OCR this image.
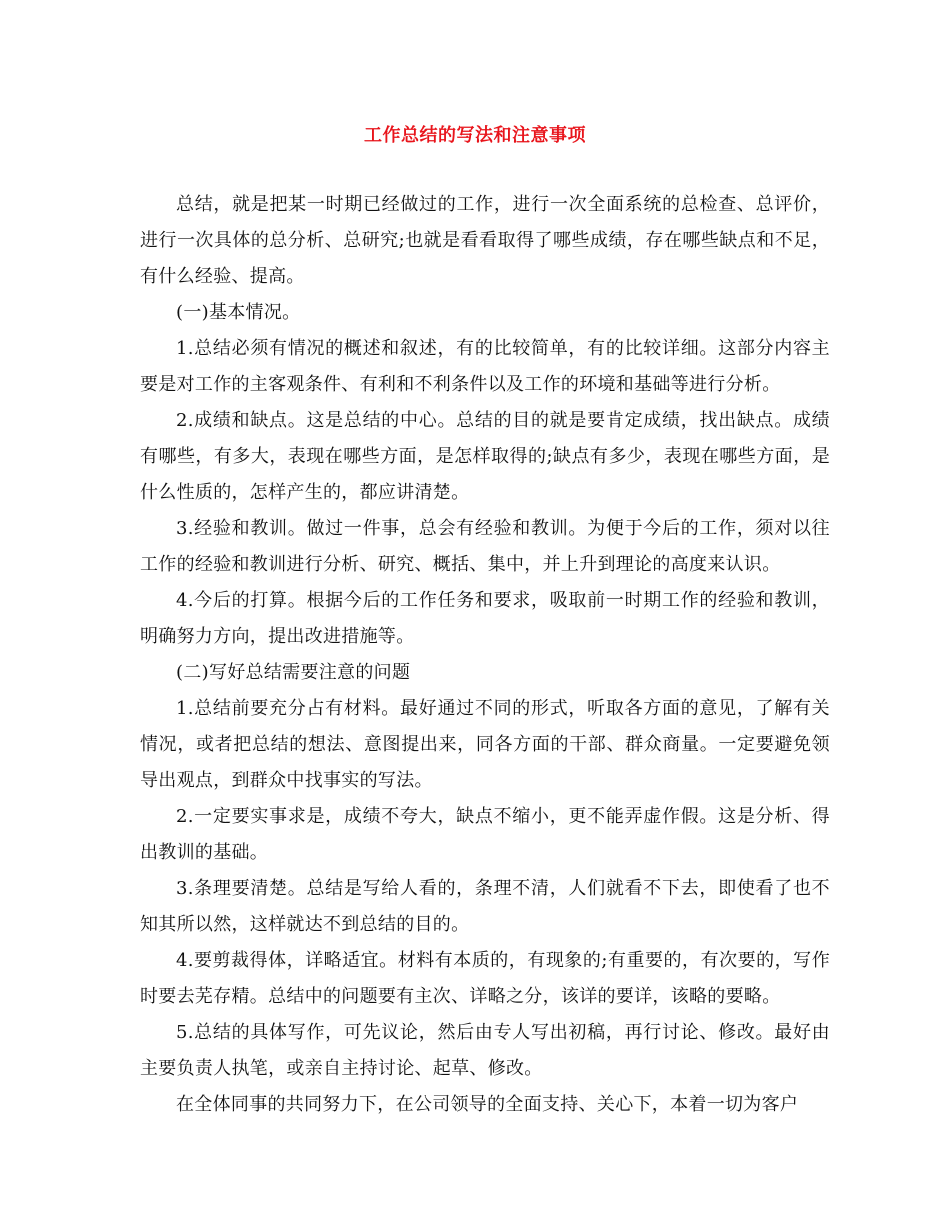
工作总结的写法和注意事项

总结，就是把某一时期已经做过的工作，进行一次全面系统的总检查、总评价，进行一次具体的总分析、总研究;也就是看看取得了哪些成绩，存在哪些缺点和不足，有什么经验、提高。

(一)基本情况。

1.总结必须有情况的概述和叙述，有的比较简单，有的比较详细。这部分内容主要是对工作的主客观条件、有利和不利条件以及工作的环境和基础等进行分析。

2.成绩和缺点。这是总结的中心。总结的目的就是要肯定成绩，找出缺点。成绩有哪些，有多大，表现在哪些方面，是怎样取得的;缺点有多少，表现在哪些方面，是什么性质的，怎样产生的，都应讲清楚。

3.经验和教训。做过一件事，总会有经验和教训。为便于今后的工作，须对以往工作的经验和教训进行分析、研究、概括、集中，并上升到理论的高度来认识。

4.今后的打算。根据今后的工作任务和要求，吸取前一时期工作的经验和教训，明确努力方向，提出改进措施等。

(二)写好总结需要注意的问题

1.总结前要充分占有材料。最好通过不同的形式，听取各方面的意见，了解有关情况，或者把总结的想法、意图提出来，同各方面的干部、群众商量。一定要避免领导出观点，到群众中找事实的写法。

2.一定要实事求是，成绩不夸大，缺点不缩小，更不能弄虚作假。这是分析、得出教训的基础。

3.条理要清楚。总结是写给人看的，条理不清，人们就看不下去，即使看了也不知其所以然，这样就达不到总结的目的。

4.要剪裁得体，详略适宜。材料有本质的，有现象的;有重要的，有次要的，写作时要去芜存精。总结中的问题要有主次、详略之分，该详的要详，该略的要略。

5.总结的具体写作，可先议论，然后由专人写出初稿，再行讨论、修改。最好由主要负责人执笔，或亲自主持讨论、起草、修改。

在全体同事的共同努力下，在公司领导的全面支持、关心下，本着一切为客户
